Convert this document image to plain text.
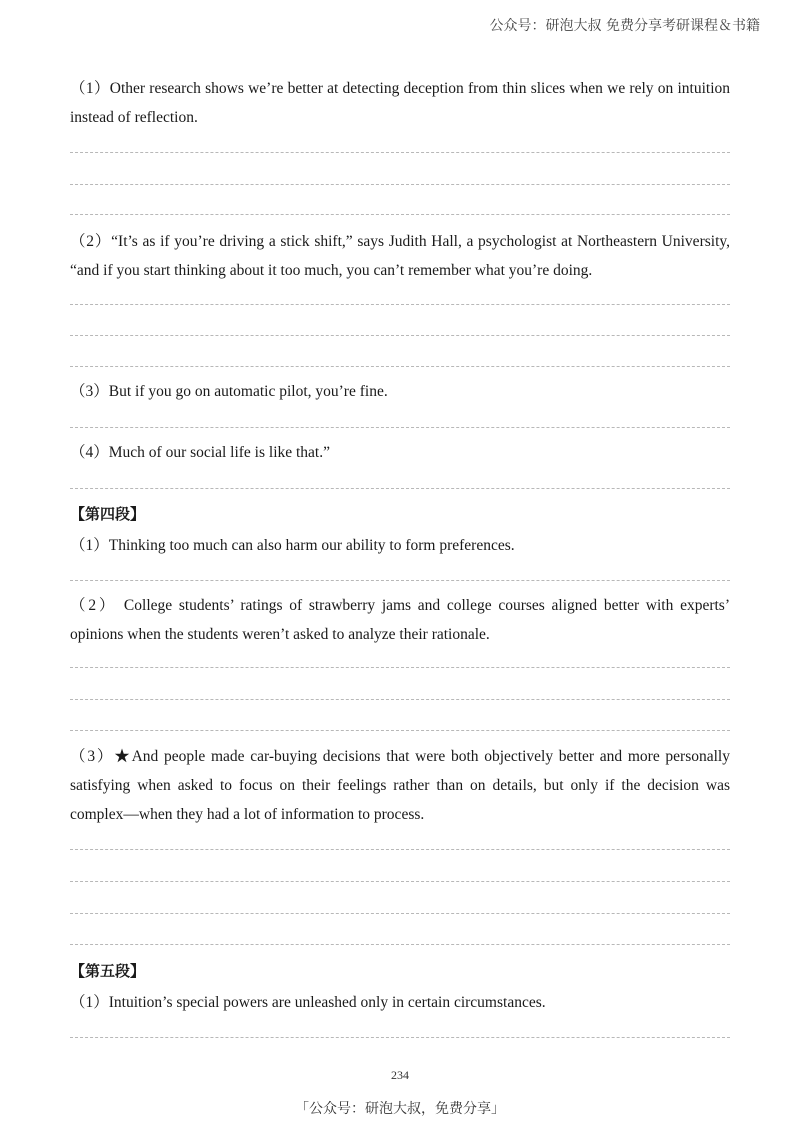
公众号：研泡大叔 免费分享考研课程＆书籍

（1）Other research shows we’re better at detecting deception from thin slices when we rely on intuition instead of reflection.

（2）“It’s as if you’re driving a stick shift,” says Judith Hall, a psychologist at Northeastern University, “and if you start thinking about it too much, you can’t remember what you’re doing.

（3）But if you go on automatic pilot, you’re fine.

（4）Much of our social life is like that.”

【第四段】

（1）Thinking too much can also harm our ability to form preferences.

（2） College students’ ratings of strawberry jams and college courses aligned better with experts’ opinions when the students weren’t asked to analyze their rationale.

（3）★And people made car-buying decisions that were both objectively better and more personally satisfying when asked to focus on their feelings rather than on details, but only if the decision was complex—when they had a lot of information to process.

【第五段】

（1）Intuition’s special powers are unleashed only in certain circumstances.

234
「公众号：研泡大叔，免费分享」
